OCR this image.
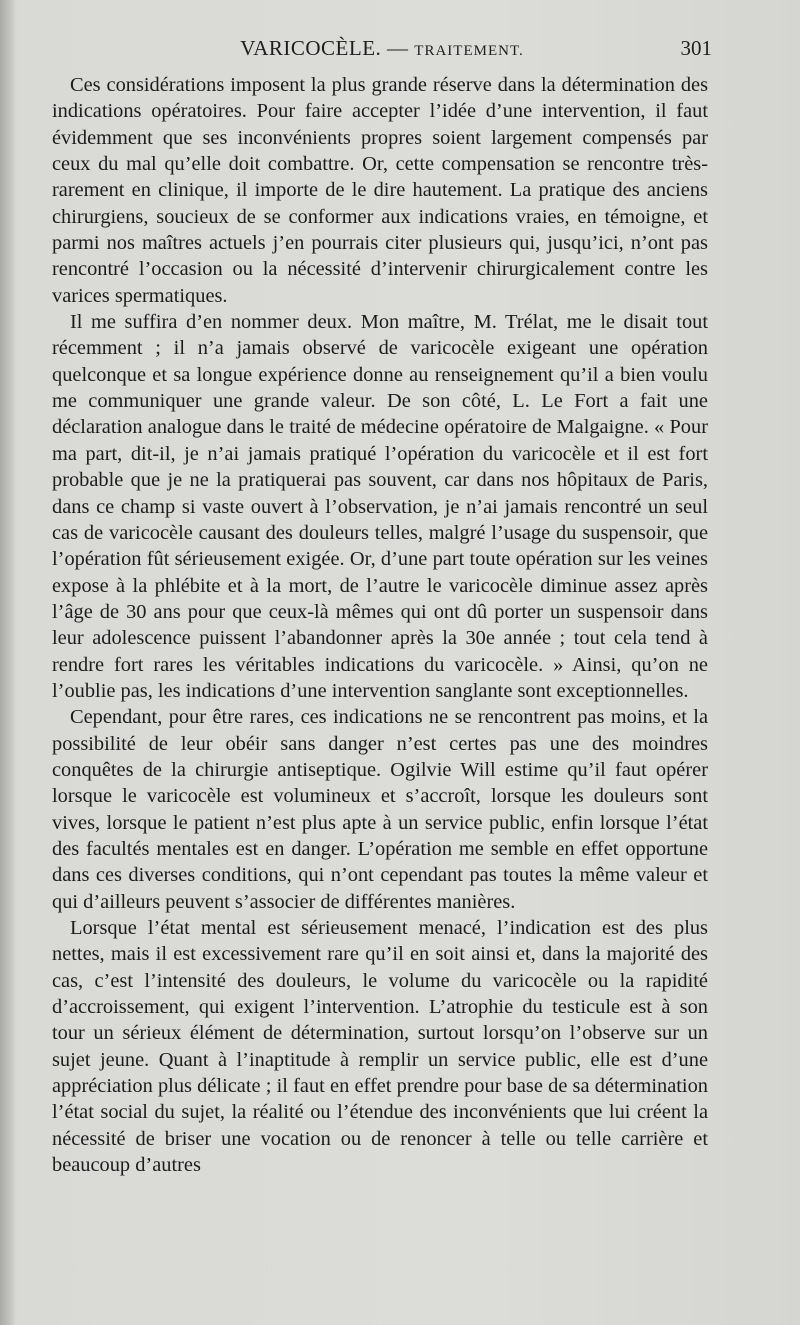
VARICOCÈLE. — TRAITEMENT.	301

Ces considérations imposent la plus grande réserve dans la détermination des indications opératoires. Pour faire accepter l’idée d’une intervention, il faut évidemment que ses inconvénients propres soient largement compensés par ceux du mal qu’elle doit combattre. Or, cette compensation se rencontre très-rarement en clinique, il importe de le dire hautement. La pratique des anciens chirurgiens, soucieux de se conformer aux indications vraies, en témoigne, et parmi nos maîtres actuels j’en pourrais citer plusieurs qui, jusqu’ici, n’ont pas rencontré l’occasion ou la nécessité d’intervenir chirurgicalement contre les varices spermatiques.

Il me suffira d’en nommer deux. Mon maître, M. Trélat, me le disait tout récemment ; il n’a jamais observé de varicocèle exigeant une opération quelconque et sa longue expérience donne au renseignement qu’il a bien voulu me communiquer une grande valeur. De son côté, L. Le Fort a fait une déclaration analogue dans le traité de médecine opératoire de Malgaigne. « Pour ma part, dit-il, je n’ai jamais pratiqué l’opération du varicocèle et il est fort probable que je ne la pratiquerai pas souvent, car dans nos hôpitaux de Paris, dans ce champ si vaste ouvert à l’observation, je n’ai jamais rencontré un seul cas de varicocèle causant des douleurs telles, malgré l’usage du suspensoir, que l’opération fût sérieusement exigée. Or, d’une part toute opération sur les veines expose à la phlébite et à la mort, de l’autre le varicocèle diminue assez après l’âge de 30 ans pour que ceux-là mêmes qui ont dû porter un suspensoir dans leur adolescence puissent l’abandonner après la 30e année ; tout cela tend à rendre fort rares les véritables indications du varicocèle. » Ainsi, qu’on ne l’oublie pas, les indications d’une intervention sanglante sont exceptionnelles.

Cependant, pour être rares, ces indications ne se rencontrent pas moins, et la possibilité de leur obéir sans danger n’est certes pas une des moindres conquêtes de la chirurgie antiseptique. Ogilvie Will estime qu’il faut opérer lorsque le varicocèle est volumineux et s’accroît, lorsque les douleurs sont vives, lorsque le patient n’est plus apte à un service public, enfin lorsque l’état des facultés mentales est en danger. L’opération me semble en effet opportune dans ces diverses conditions, qui n’ont cependant pas toutes la même valeur et qui d’ailleurs peuvent s’associer de différentes manières.

Lorsque l’état mental est sérieusement menacé, l’indication est des plus nettes, mais il est excessivement rare qu’il en soit ainsi et, dans la majorité des cas, c’est l’intensité des douleurs, le volume du varicocèle ou la rapidité d’accroissement, qui exigent l’intervention. L’atrophie du testicule est à son tour un sérieux élément de détermination, surtout lorsqu’on l’observe sur un sujet jeune. Quant à l’inaptitude à remplir un service public, elle est d’une appréciation plus délicate ; il faut en effet prendre pour base de sa détermination l’état social du sujet, la réalité ou l’étendue des inconvénients que lui créent la nécessité de briser une vocation ou de renoncer à telle ou telle carrière et beaucoup d’autres
